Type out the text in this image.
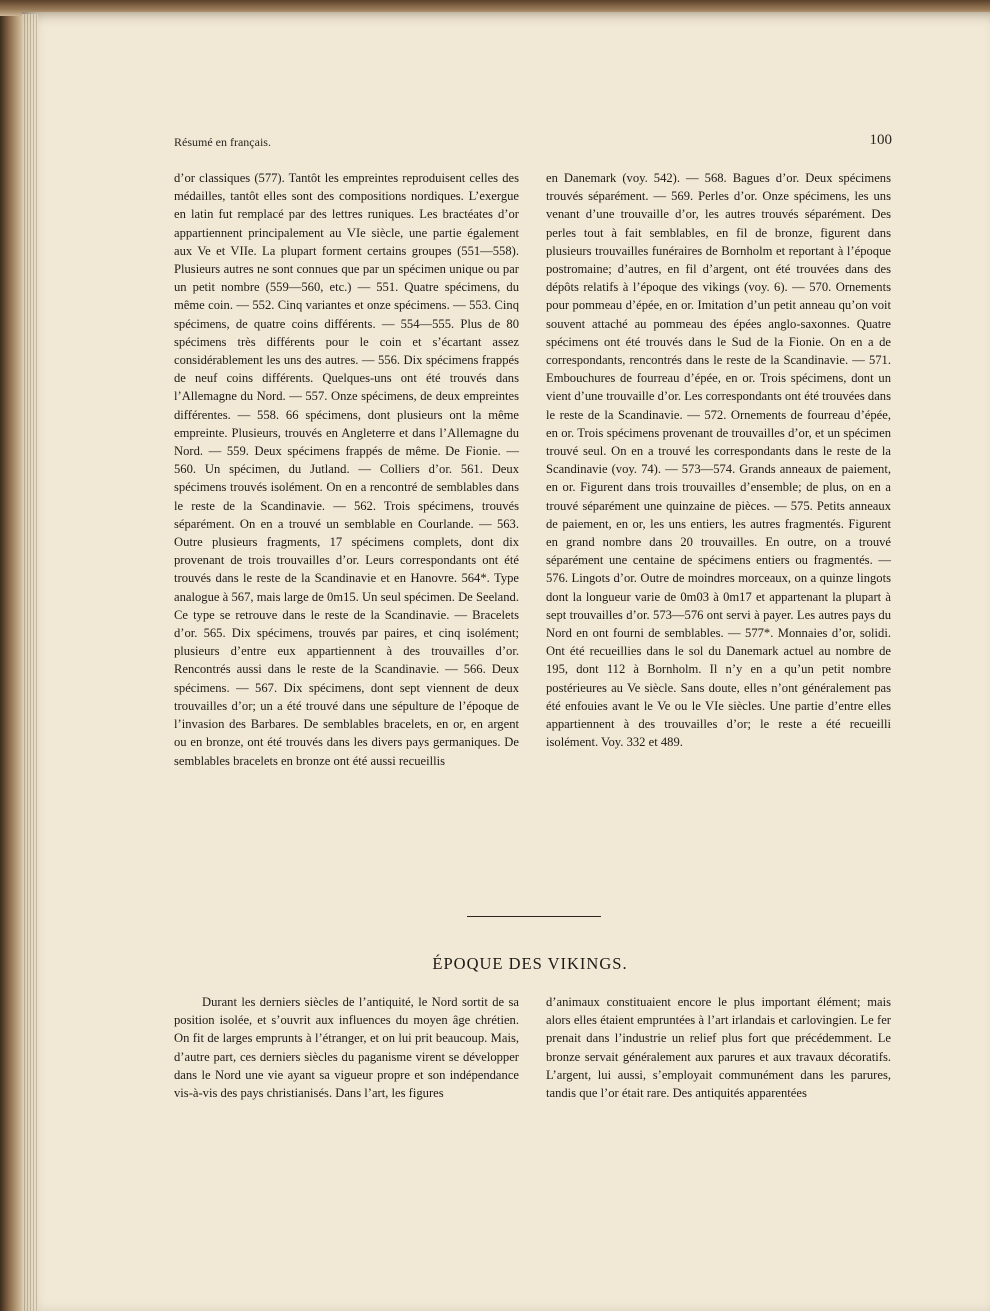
Résumé en français.	100

d’or classiques (577). Tantôt les empreintes reproduisent celles des médailles, tantôt elles sont des compositions nordiques. L’exergue en latin fut remplacé par des lettres runiques. Les bractéates d’or appartiennent principalement au VIe siècle, une partie également aux Ve et VIIe. La plupart forment certains groupes (551—558). Plusieurs autres ne sont connues que par un spécimen unique ou par un petit nombre (559—560, etc.) — 551. Quatre spécimens, du même coin. — 552. Cinq variantes et onze spécimens. — 553. Cinq spécimens, de quatre coins différents. — 554—555. Plus de 80 spécimens très différents pour le coin et s’écartant assez considérablement les uns des autres. — 556. Dix spécimens frappés de neuf coins différents. Quelques-uns ont été trouvés dans l’Allemagne du Nord. — 557. Onze spécimens, de deux empreintes différentes. — 558. 66 spécimens, dont plusieurs ont la même empreinte. Plusieurs, trouvés en Angleterre et dans l’Allemagne du Nord. — 559. Deux spécimens frappés de même. De Fionie. — 560. Un spécimen, du Jutland. — Colliers d’or. 561. Deux spécimens trouvés isolément. On en a rencontré de semblables dans le reste de la Scandinavie. — 562. Trois spécimens, trouvés séparément. On en a trouvé un semblable en Courlande. — 563. Outre plusieurs fragments, 17 spécimens complets, dont dix provenant de trois trouvailles d’or. Leurs correspondants ont été trouvés dans le reste de la Scandinavie et en Hanovre. 564*. Type analogue à 567, mais large de 0m15. Un seul spécimen. De Seeland. Ce type se retrouve dans le reste de la Scandinavie. — Bracelets d’or. 565. Dix spécimens, trouvés par paires, et cinq isolément; plusieurs d’entre eux appartiennent à des trouvailles d’or. Rencontrés aussi dans le reste de la Scandinavie. — 566. Deux spécimens. — 567. Dix spécimens, dont sept viennent de deux trouvailles d’or; un a été trouvé dans une sépulture de l’époque de l’invasion des Barbares. De semblables bracelets, en or, en argent ou en bronze, ont été trouvés dans les divers pays germaniques. De semblables bracelets en bronze ont été aussi recueillis

en Danemark (voy. 542). — 568. Bagues d’or. Deux spécimens trouvés séparément. — 569. Perles d’or. Onze spécimens, les uns venant d’une trouvaille d’or, les autres trouvés séparément. Des perles tout à fait semblables, en fil de bronze, figurent dans plusieurs trouvailles funéraires de Bornholm et reportant à l’époque postromaine; d’autres, en fil d’argent, ont été trouvées dans des dépôts relatifs à l’époque des vikings (voy. 6). — 570. Ornements pour pommeau d’épée, en or. Imitation d’un petit anneau qu’on voit souvent attaché au pommeau des épées anglo-saxonnes. Quatre spécimens ont été trouvés dans le Sud de la Fionie. On en a de correspondants, rencontrés dans le reste de la Scandinavie. — 571. Embouchures de fourreau d’épée, en or. Trois spécimens, dont un vient d’une trouvaille d’or. Les correspondants ont été trouvées dans le reste de la Scandinavie. — 572. Ornements de fourreau d’épée, en or. Trois spécimens provenant de trouvailles d’or, et un spécimen trouvé seul. On en a trouvé les correspondants dans le reste de la Scandinavie (voy. 74). — 573—574. Grands anneaux de paiement, en or. Figurent dans trois trouvailles d’ensemble; de plus, on en a trouvé séparément une quinzaine de pièces. — 575. Petits anneaux de paiement, en or, les uns entiers, les autres fragmentés. Figurent en grand nombre dans 20 trouvailles. En outre, on a trouvé séparément une centaine de spécimens entiers ou fragmentés. — 576. Lingots d’or. Outre de moindres morceaux, on a quinze lingots dont la longueur varie de 0m03 à 0m17 et appartenant la plupart à sept trouvailles d’or. 573—576 ont servi à payer. Les autres pays du Nord en ont fourni de semblables. — 577*. Monnaies d’or, solidi. Ont été recueillies dans le sol du Danemark actuel au nombre de 195, dont 112 à Bornholm. Il n’y en a qu’un petit nombre postérieures au Ve siècle. Sans doute, elles n’ont généralement pas été enfouies avant le Ve ou le VIe siècles. Une partie d’entre elles appartiennent à des trouvailles d’or; le reste a été recueilli isolément. Voy. 332 et 489.

ÉPOQUE DES VIKINGS.

Durant les derniers siècles de l’antiquité, le Nord sortit de sa position isolée, et s’ouvrit aux influences du moyen âge chrétien. On fit de larges emprunts à l’étranger, et on lui prit beaucoup. Mais, d’autre part, ces derniers siècles du paganisme virent se développer dans le Nord une vie ayant sa vigueur propre et son indépendance vis-à-vis des pays christianisés. Dans l’art, les figures

d’animaux constituaient encore le plus important élément; mais alors elles étaient empruntées à l’art irlandais et carlovingien. Le fer prenait dans l’industrie un relief plus fort que précédemment. Le bronze servait généralement aux parures et aux travaux décoratifs. L’argent, lui aussi, s’employait communément dans les parures, tandis que l’or était rare. Des antiquités apparentées
